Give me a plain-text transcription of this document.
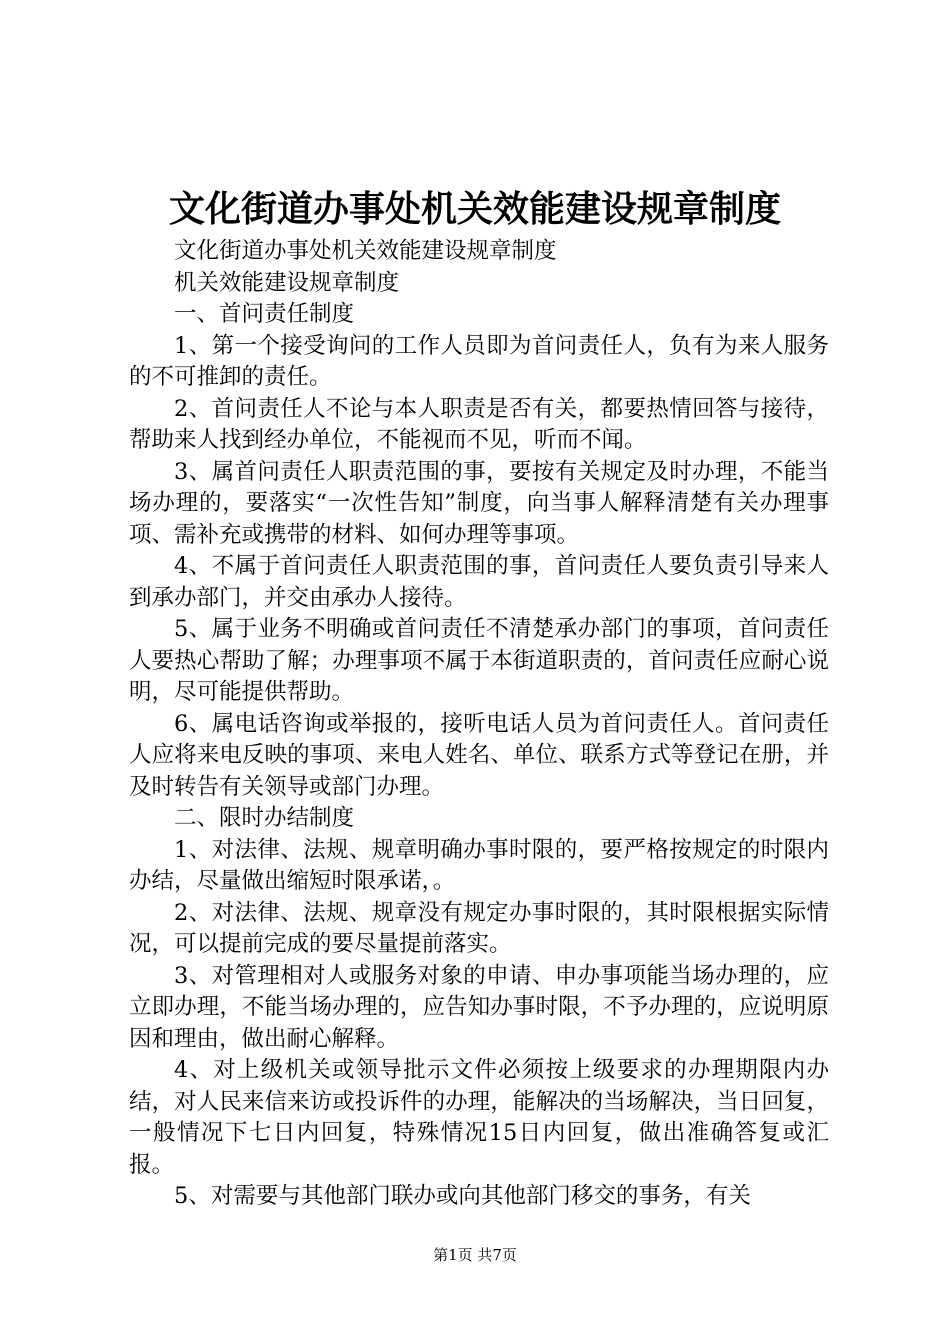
文化街道办事处机关效能建设规章制度

文化街道办事处机关效能建设规章制度

机关效能建设规章制度

一、首问责任制度

1、第一个接受询问的工作人员即为首问责任人，负有为来人服务的不可推卸的责任。

2、首问责任人不论与本人职责是否有关，都要热情回答与接待，帮助来人找到经办单位，不能视而不见，听而不闻。

3、属首问责任人职责范围的事，要按有关规定及时办理，不能当场办理的，要落实“一次性告知”制度，向当事人解释清楚有关办理事项、需补充或携带的材料、如何办理等事项。

4、不属于首问责任人职责范围的事，首问责任人要负责引导来人到承办部门，并交由承办人接待。

5、属于业务不明确或首问责任不清楚承办部门的事项，首问责任人要热心帮助了解；办理事项不属于本街道职责的，首问责任应耐心说明，尽可能提供帮助。

6、属电话咨询或举报的，接听电话人员为首问责任人。首问责任人应将来电反映的事项、来电人姓名、单位、联系方式等登记在册，并及时转告有关领导或部门办理。

二、限时办结制度

1、对法律、法规、规章明确办事时限的，要严格按规定的时限内办结，尽量做出缩短时限承诺，。

2、对法律、法规、规章没有规定办事时限的，其时限根据实际情况，可以提前完成的要尽量提前落实。

3、对管理相对人或服务对象的申请、申办事项能当场办理的，应立即办理，不能当场办理的，应告知办事时限，不予办理的，应说明原因和理由，做出耐心解释。

4、对上级机关或领导批示文件必须按上级要求的办理期限内办结，对人民来信来访或投诉件的办理，能解决的当场解决，当日回复，一般情况下七日内回复，特殊情况15日内回复，做出准确答复或汇报。

5、对需要与其他部门联办或向其他部门移交的事务，有关

第1页 共7页
